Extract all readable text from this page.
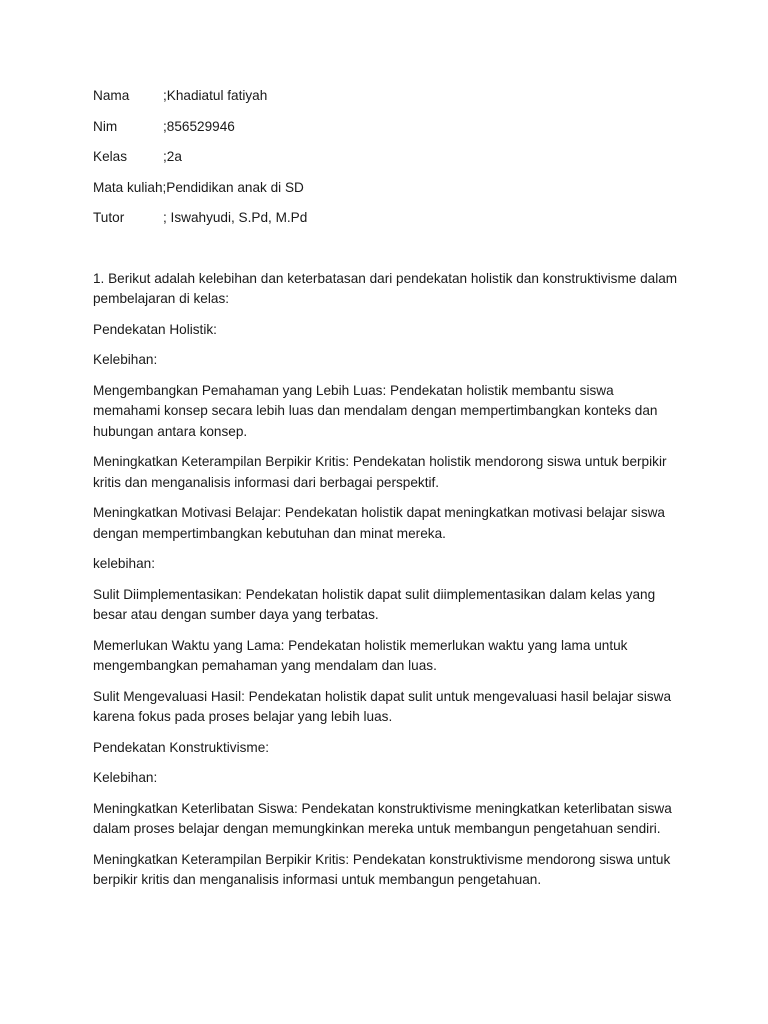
Nama	;Khadiatul fatiyah
Nim	;856529946
Kelas	;2a
Mata kuliah ;Pendidikan anak di SD
Tutor	; Iswahyudi, S.Pd, M.Pd

1. Berikut adalah kelebihan dan keterbatasan dari pendekatan holistik dan konstruktivisme dalam pembelajaran di kelas:

Pendekatan Holistik:

Kelebihan:

Mengembangkan Pemahaman yang Lebih Luas: Pendekatan holistik membantu siswa memahami konsep secara lebih luas dan mendalam dengan mempertimbangkan konteks dan hubungan antara konsep.

Meningkatkan Keterampilan Berpikir Kritis: Pendekatan holistik mendorong siswa untuk berpikir kritis dan menganalisis informasi dari berbagai perspektif.

Meningkatkan Motivasi Belajar: Pendekatan holistik dapat meningkatkan motivasi belajar siswa dengan mempertimbangkan kebutuhan dan minat mereka.

kelebihan:

Sulit Diimplementasikan: Pendekatan holistik dapat sulit diimplementasikan dalam kelas yang besar atau dengan sumber daya yang terbatas.

Memerlukan Waktu yang Lama: Pendekatan holistik memerlukan waktu yang lama untuk mengembangkan pemahaman yang mendalam dan luas.

Sulit Mengevaluasi Hasil: Pendekatan holistik dapat sulit untuk mengevaluasi hasil belajar siswa karena fokus pada proses belajar yang lebih luas.

Pendekatan Konstruktivisme:

Kelebihan:

Meningkatkan Keterlibatan Siswa: Pendekatan konstruktivisme meningkatkan keterlibatan siswa dalam proses belajar dengan memungkinkan mereka untuk membangun pengetahuan sendiri.

Meningkatkan Keterampilan Berpikir Kritis: Pendekatan konstruktivisme mendorong siswa untuk berpikir kritis dan menganalisis informasi untuk membangun pengetahuan.
